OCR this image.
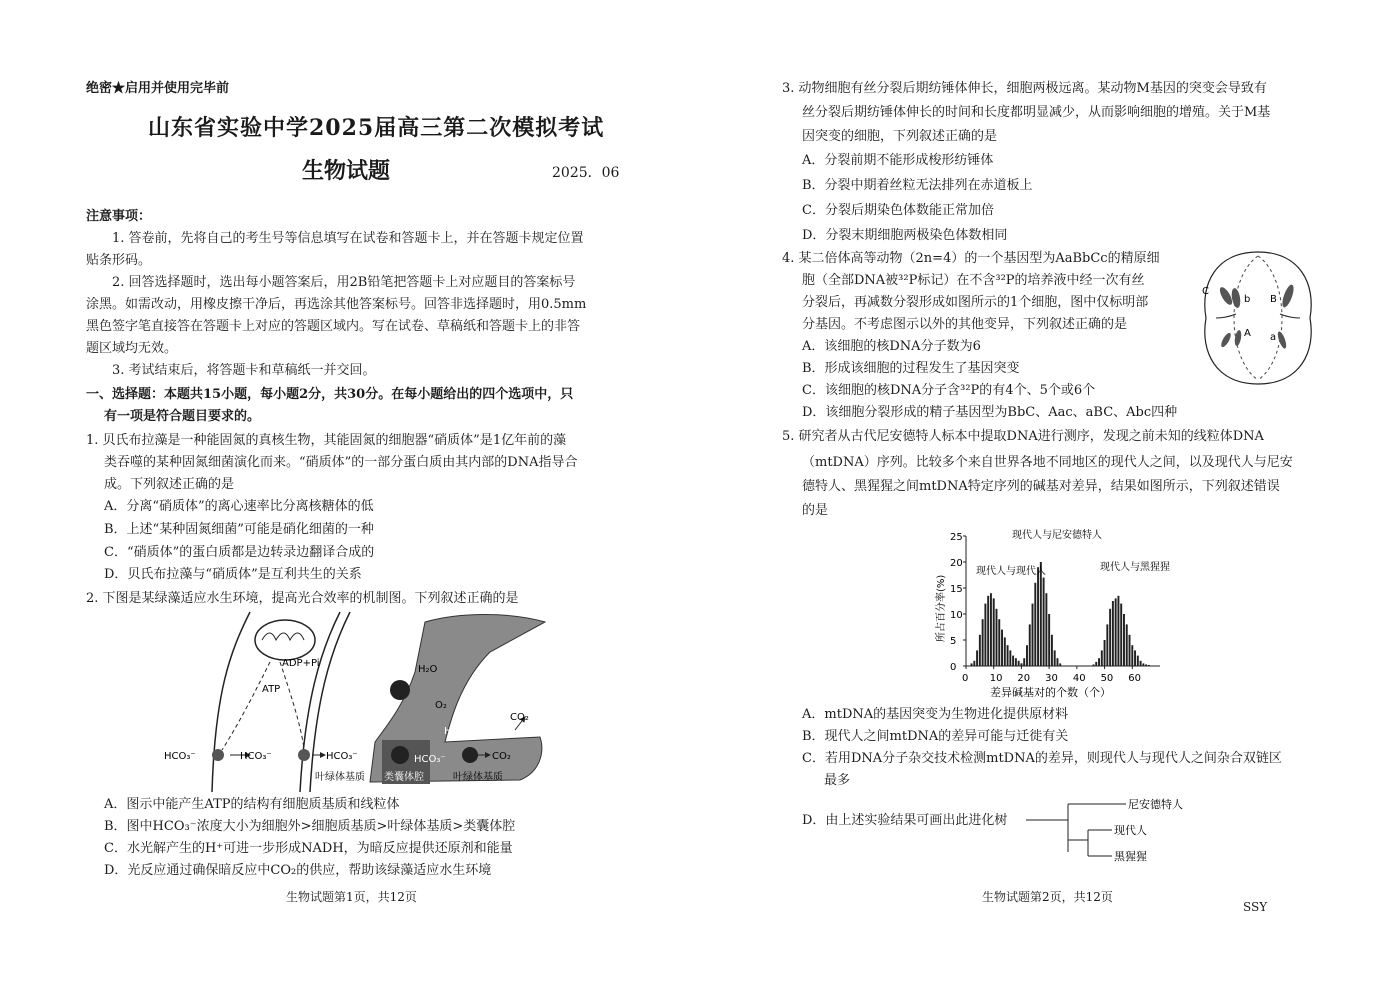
绝密★启用并使用完毕前
山东省实验中学2025届高三第二次模拟考试
生物试题	2025．06
注意事项：
1. 答卷前，先将自己的考生号等信息填写在试卷和答题卡上，并在答题卡规定位置
贴条形码。
2. 回答选择题时，选出每小题答案后，用2B铅笔把答题卡上对应题目的答案标号
涂黑。如需改动，用橡皮擦干净后，再选涂其他答案标号。回答非选择题时，用0.5mm
黑色签字笔直接答在答题卡上对应的答题区域内。写在试卷、草稿纸和答题卡上的非答
题区域均无效。
3. 考试结束后，将答题卡和草稿纸一并交回。
一、选择题：本题共15小题，每小题2分，共30分。在每小题给出的四个选项中，只
有一项是符合题目要求的。
1. 贝氏布拉藻是一种能固氮的真核生物，其能固氮的细胞器“硝质体”是1亿年前的藻
类吞噬的某种固氮细菌演化而来。“硝质体”的一部分蛋白质由其内部的DNA指导合
成。下列叙述正确的是
A．分离“硝质体”的离心速率比分离核糖体的低
B．上述“某种固氮细菌”可能是硝化细菌的一种
C．“硝质体”的蛋白质都是边转录边翻译合成的
D．贝氏布拉藻与“硝质体”是互利共生的关系
2. 下图是某绿藻适应水生环境，提高光合效率的机制图。下列叙述正确的是
ADP+Pi
ATP
H₂O
O₂
H⁺
CO₂
HCO₃⁻	HCO₃⁻	HCO₃⁻	HCO₃⁻	CO₂
叶绿体基质 类囊体腔	叶绿体基质
A．图示中能产生ATP的结构有细胞质基质和线粒体
B．图中HCO₃⁻浓度大小为细胞外>细胞质基质>叶绿体基质>类囊体腔
C．水光解产生的H⁺可进一步形成NADH，为暗反应提供还原剂和能量
D．光反应通过确保暗反应中CO₂的供应，帮助该绿藻适应水生环境
生物试题第1页，共12页
3. 动物细胞有丝分裂后期纺锤体伸长，细胞两极远离。某动物M基因的突变会导致有
丝分裂后期纺锤体伸长的时间和长度都明显减少，从而影响细胞的增殖。关于M基
因突变的细胞，下列叙述正确的是
A．分裂前期不能形成梭形纺锤体
B．分裂中期着丝粒无法排列在赤道板上
C．分裂后期染色体数能正常加倍
D．分裂末期细胞两极染色体数相同
4. 某二倍体高等动物（2n=4）的一个基因型为AaBbCc的精原细
胞（全部DNA被³²P标记）在不含³²P的培养液中经一次有丝
分裂后，再减数分裂形成如图所示的1个细胞，图中仅标明部
分基因。不考虑图示以外的其他变异，下列叙述正确的是
A．该细胞的核DNA分子数为6
B．形成该细胞的过程发生了基因突变
C．该细胞的核DNA分子含³²P的有4个、5个或6个
D．该细胞分裂形成的精子基因型为BbC、Aac、aBC、Abc四种
C
b B
A a
5. 研究者从古代尼安德特人标本中提取DNA进行测序，发现之前未知的线粒体DNA
（mtDNA）序列。比较多个来自世界各地不同地区的现代人之间，以及现代人与尼安
德特人、黑猩猩之间mtDNA特定序列的碱基对差异，结果如图所示，下列叙述错误
的是
0 10 20 30 40 50 60
0
5
10
15
20
25
差异碱基对的个数（个）
所占百分率(%)
现代人与现代人
现代人与尼安德特人
现代人与黑猩猩
A．mtDNA的基因突变为生物进化提供原材料
B．现代人之间mtDNA的差异可能与迁徙有关
C．若用DNA分子杂交技术检测mtDNA的差异，则现代人与现代人之间杂合双链区
最多
D．由上述实验结果可画出此进化树
尼安德特人
现代人
黑猩猩
生物试题第2页，共12页
SSY
